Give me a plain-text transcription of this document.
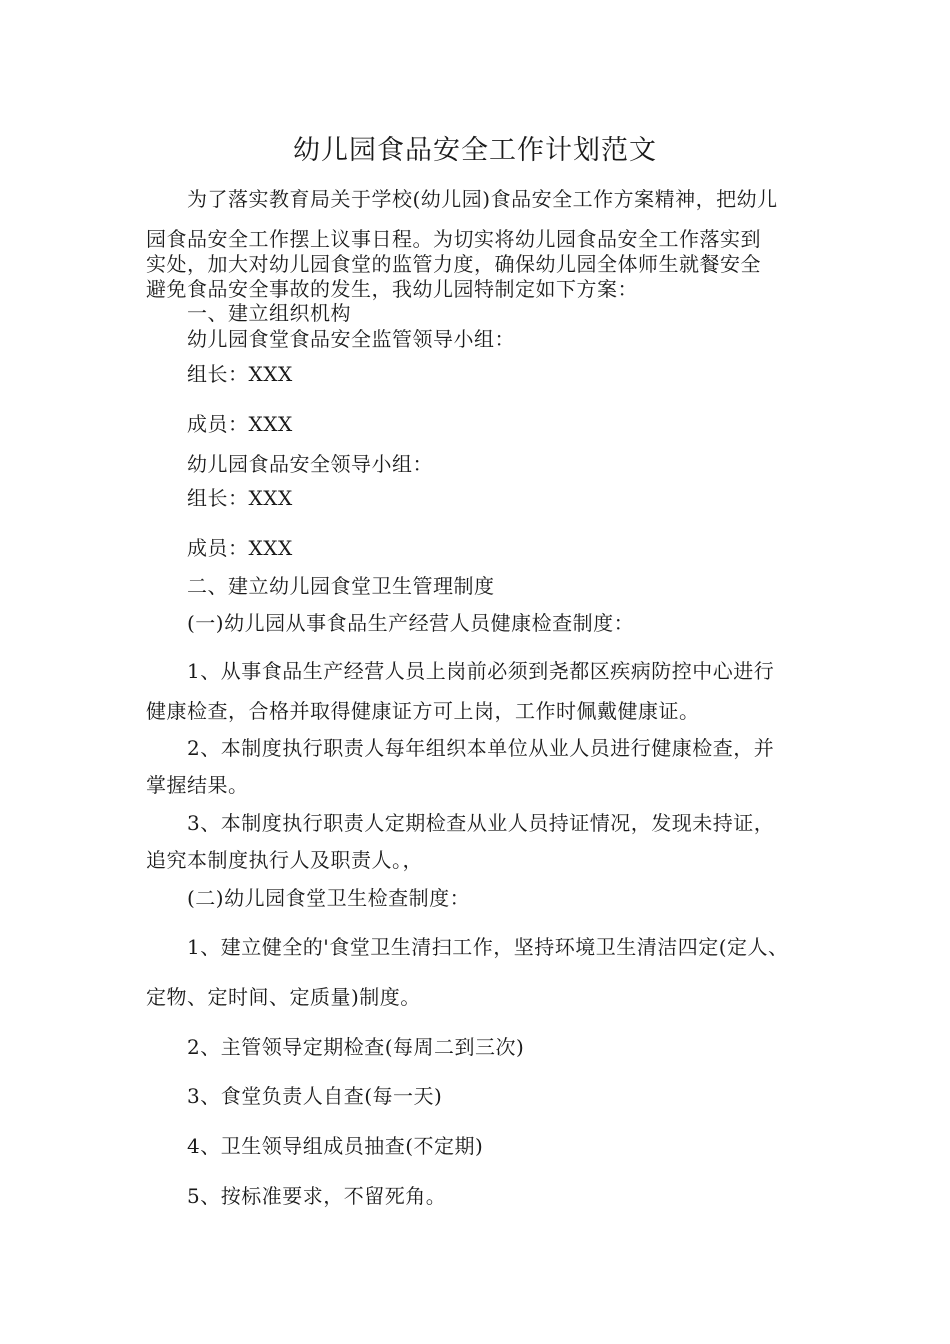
幼儿园食品安全工作计划范文
为了落实教育局关于学校(幼儿园)食品安全工作方案精神，把幼儿
园食品安全工作摆上议事日程。为切实将幼儿园食品安全工作落实到
实处，加大对幼儿园食堂的监管力度，确保幼儿园全体师生就餐安全
避免食品安全事故的发生，我幼儿园特制定如下方案：
一、建立组织机构
幼儿园食堂食品安全监管领导小组：
组长：XXX
成员：XXX
幼儿园食品安全领导小组：
组长：XXX
成员：XXX
二、建立幼儿园食堂卫生管理制度
(一)幼儿园从事食品生产经营人员健康检查制度：
1、从事食品生产经营人员上岗前必须到尧都区疾病防控中心进行
健康检查，合格并取得健康证方可上岗，工作时佩戴健康证。
2、本制度执行职责人每年组织本单位从业人员进行健康检查，并
掌握结果。
3、本制度执行职责人定期检查从业人员持证情况，发现未持证，
追究本制度执行人及职责人。，
(二)幼儿园食堂卫生检查制度：
1、建立健全的'食堂卫生清扫工作，坚持环境卫生清洁四定(定人、
定物、定时间、定质量)制度。
2、主管领导定期检查(每周二到三次)
3、食堂负责人自查(每一天)
4、卫生领导组成员抽查(不定期)
5、按标准要求，不留死角。
